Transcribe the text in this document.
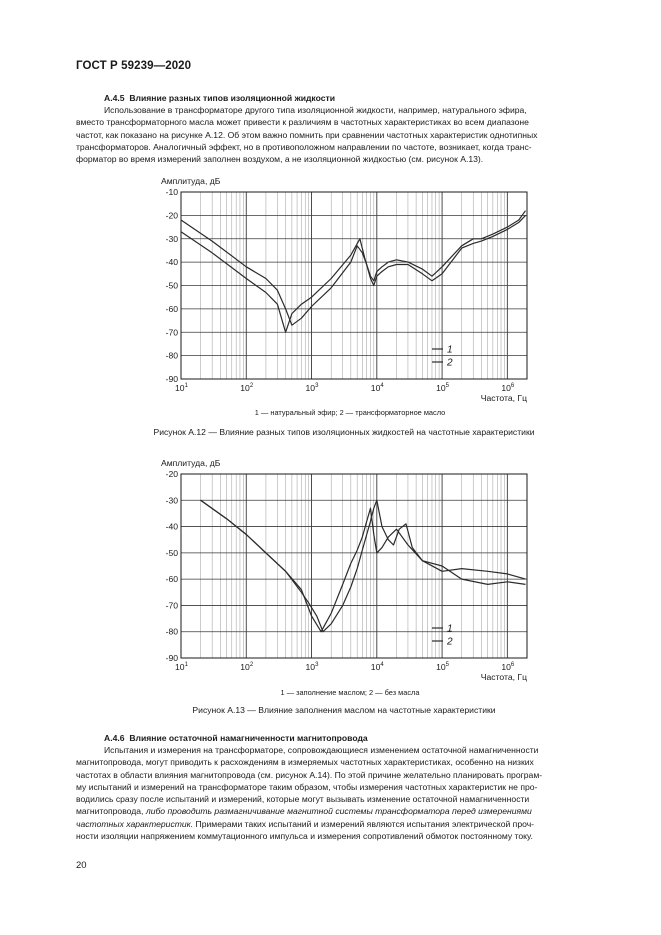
ГОСТ Р 59239—2020
А.4.5 Влияние разных типов изоляционной жидкости

Использование в трансформаторе другого типа изоляционной жидкости, например, натурального эфира,

вместо трансформаторного масла может привести к различиям в частотных характеристиках во всем диапазоне

частот, как показано на рисунке А.12. Об этом важно помнить при сравнении частотных характеристик однотипных

трансформаторов. Аналогичный эффект, но в противоположном направлении по частоте, возникает, когда транс-

форматор во время измерений заполнен воздухом, а не изоляционной жидкостью (см. рисунок А.13).

Амплитуда, дБ
$10^1$	$10^2$	$10^3$	$10^4$	$10^5$	$10^6$
-10
-20
-30
-40
-50
-60
-70
-80
-90
Частота, Гц
1
2
1 — натуральный эфир; 2 — трансформаторное масло
Рисунок А.12 — Влияние разных типов изоляционных жидкостей на частотные характеристики
Амплитуда, дБ
$10^1$	$10^2$	$10^3$	$10^4$	$10^5$	$10^6$
-20
-30
-40
-50
-60
-70
-80
-90
Частота, Гц
1
2
1 — заполнение маслом; 2 — без масла
Рисунок А.13 — Влияние заполнения маслом на частотные характеристики
А.4.6 Влияние остаточной намагниченности магнитопровода

Испытания и измерения на трансформаторе, сопровождающиеся изменением остаточной намагниченности

магнитопровода, могут приводить к расхождениям в измеряемых частотных характеристиках, особенно на низких

частотах в области влияния магнитопровода (см. рисунок А.14). По этой причине желательно планировать програм-

му испытаний и измерений на трансформаторе таким образом, чтобы измерения частотных характеристик не про-

водились сразу после испытаний и измерений, которые могут вызывать изменение остаточной намагниченности

магнитопровода, либо проводить размагничивание магнитной системы трансформатора перед измерениями

частотных характеристик. Примерами таких испытаний и измерений являются испытания электрической проч-

ности изоляции напряжением коммутационного импульса и измерения сопротивлений обмоток постоянному току.

20
